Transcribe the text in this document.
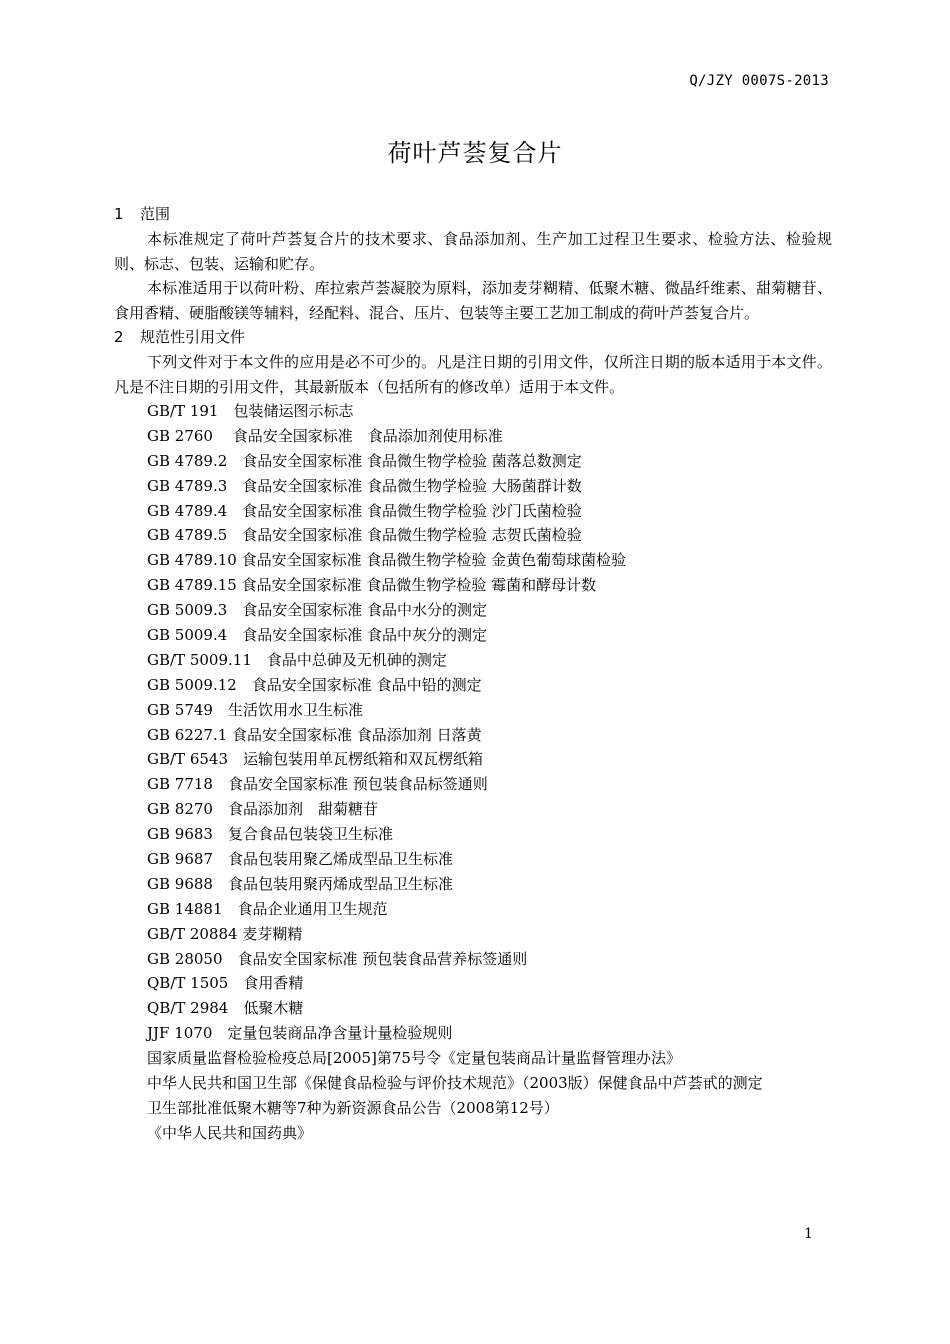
Q/JZY 0007S-2013
荷叶芦荟复合片
1 范围
本标准规定了荷叶芦荟复合片的技术要求、食品添加剂、生产加工过程卫生要求、检验方法、检验规则、标志、包装、运输和贮存。
本标准适用于以荷叶粉、库拉索芦荟凝胶为原料，添加麦芽糊精、低聚木糖、微晶纤维素、甜菊糖苷、食用香精、硬脂酸镁等辅料，经配料、混合、压片、包装等主要工艺加工制成的荷叶芦荟复合片。
2 规范性引用文件
下列文件对于本文件的应用是必不可少的。凡是注日期的引用文件，仅所注日期的版本适用于本文件。凡是不注日期的引用文件，其最新版本（包括所有的修改单）适用于本文件。
GB/T 191　包装储运图示标志
GB 2760　 食品安全国家标准　食品添加剂使用标准
GB 4789.2　食品安全国家标准 食品微生物学检验 菌落总数测定
GB 4789.3　食品安全国家标准 食品微生物学检验 大肠菌群计数
GB 4789.4　食品安全国家标准 食品微生物学检验 沙门氏菌检验
GB 4789.5　食品安全国家标准 食品微生物学检验 志贺氏菌检验
GB 4789.10 食品安全国家标准 食品微生物学检验 金黄色葡萄球菌检验
GB 4789.15 食品安全国家标准 食品微生物学检验 霉菌和酵母计数
GB 5009.3　食品安全国家标准 食品中水分的测定
GB 5009.4　食品安全国家标准 食品中灰分的测定
GB/T 5009.11　食品中总砷及无机砷的测定
GB 5009.12　食品安全国家标准 食品中铅的测定
GB 5749　生活饮用水卫生标准
GB 6227.1 食品安全国家标准 食品添加剂 日落黄
GB/T 6543　运输包装用单瓦楞纸箱和双瓦楞纸箱
GB 7718　食品安全国家标准 预包装食品标签通则
GB 8270　食品添加剂　甜菊糖苷
GB 9683　复合食品包装袋卫生标准
GB 9687　食品包装用聚乙烯成型品卫生标准
GB 9688　食品包装用聚丙烯成型品卫生标准
GB 14881　食品企业通用卫生规范
GB/T 20884 麦芽糊精
GB 28050　食品安全国家标准 预包装食品营养标签通则
QB/T 1505　食用香精
QB/T 2984　低聚木糖
JJF 1070　定量包装商品净含量计量检验规则
国家质量监督检验检疫总局[2005]第75号令《定量包装商品计量监督管理办法》
中华人民共和国卫生部《保健食品检验与评价技术规范》（2003版）保健食品中芦荟甙的测定
卫生部批准低聚木糖等7种为新资源食品公告（2008第12号）
《中华人民共和国药典》
1
